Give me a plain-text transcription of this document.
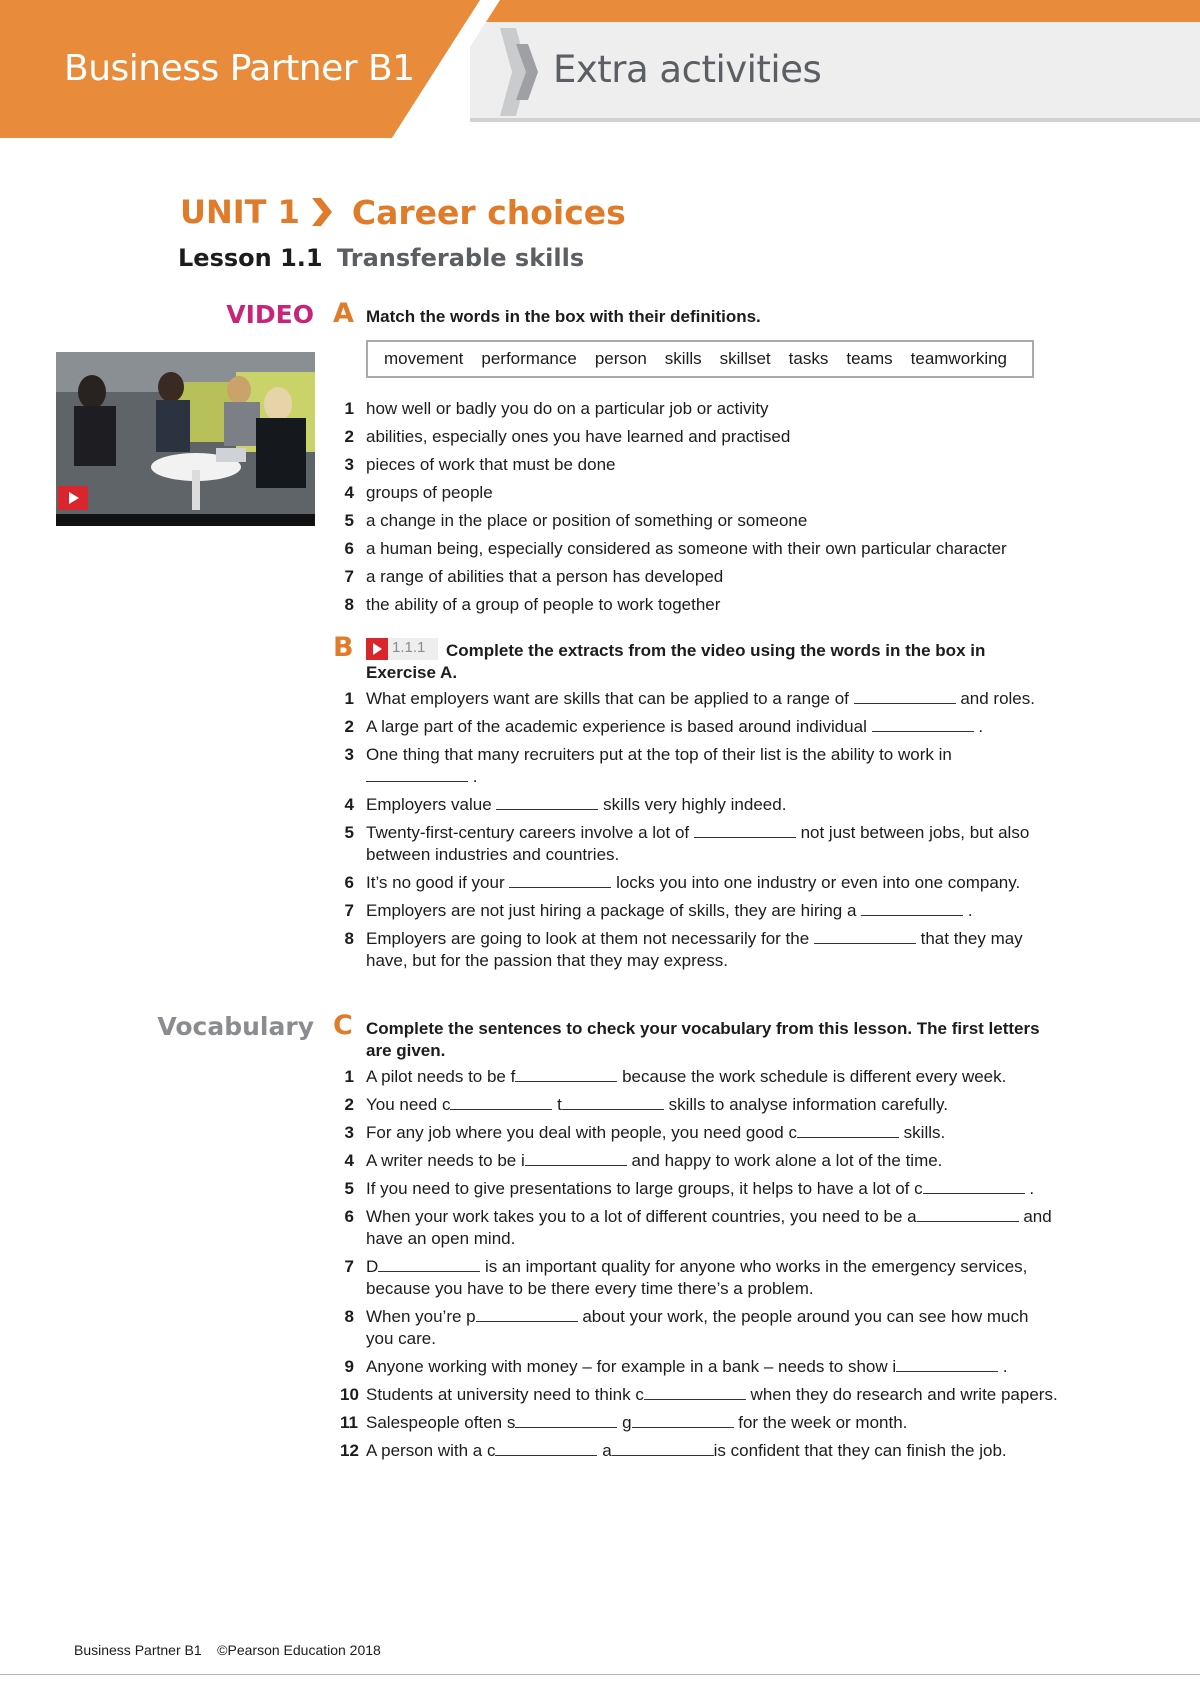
Business Partner B1	Extra activities
UNIT 1 Career choices
Lesson 1.1 Transferable skills
VIDEO A Match the words in the box with their definitions.
movement performance person skills skillset tasks teams teamworking
1 how well or badly you do on a particular job or activity
2 abilities, especially ones you have learned and practised
3 pieces of work that must be done
4 groups of people
5 a change in the place or position of something or someone
6 a human being, especially considered as someone with their own particular character
7 a range of abilities that a person has developed
8 the ability of a group of people to work together
B	1.1.1	Complete the extracts from the video using the words in the box in Exercise A.
1 What employers want are skills that can be applied to a range of	and roles.
2 A large part of the academic experience is based around individual	.
3 One thing that many recruiters put at the top of their list is the ability to work in
.
4 Employers value	skills very highly indeed.
5 Twenty-first-century careers involve a lot of	not just between jobs, but also between industries and countries.
6 It’s no good if your	locks you into one industry or even into one company.
7 Employers are not just hiring a package of skills, they are hiring a	.
8 Employers are going to look at them not necessarily for the	that they may have, but for the passion that they may express.
Vocabulary C Complete the sentences to check your vocabulary from this lesson. The first letters are given.
1 A pilot needs to be f	because the work schedule is different every week.
2 You need c	t	skills to analyse information carefully.
3 For any job where you deal with people, you need good c	skills.
4 A writer needs to be i	and happy to work alone a lot of the time.
5 If you need to give presentations to large groups, it helps to have a lot of c	.
6 When your work takes you to a lot of different countries, you need to be a	and have an open mind.
7 D	is an important quality for anyone who works in the emergency services, because you have to be there every time there’s a problem.
8 When you’re p	about your work, the people around you can see how much you care.
9 Anyone working with money – for example in a bank – needs to show i	.
10 Students at university need to think c	when they do research and write papers.
11 Salespeople often s	g	for the week or month.
12 A person with a c	a	is confident that they can finish the job.
Business Partner B1    ©Pearson Education 2018
